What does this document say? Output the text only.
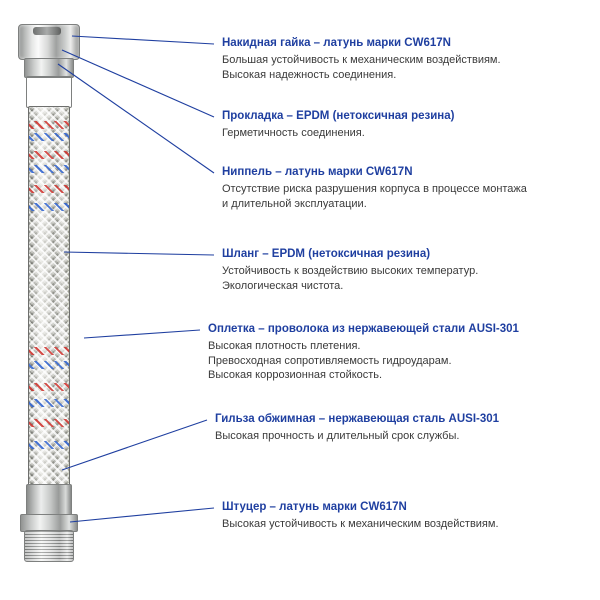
Накидная гайка – латунь марки CW617N
Большая устойчивость к механическим воздействиям.
Высокая надежность соединения.
Прокладка – EPDM (нетоксичная резина)
Герметичность соединения.
Ниппель – латунь марки CW617N
Отсутствие риска разрушения корпуса в процессе монтажа
и длительной эксплуатации.
Шланг – EPDM (нетоксичная резина)
Устойчивость к воздействию высоких температур.
Экологическая чистота.
Оплетка – проволока из нержавеющей стали AUSI-301
Высокая плотность плетения.
Превосходная сопротивляемость гидроударам.
Высокая коррозионная стойкость.
Гильза обжимная – нержавеющая сталь AUSI-301
Высокая прочность и длительный срок службы.
Штуцер – латунь марки CW617N
Высокая устойчивость к механическим воздействиям.
